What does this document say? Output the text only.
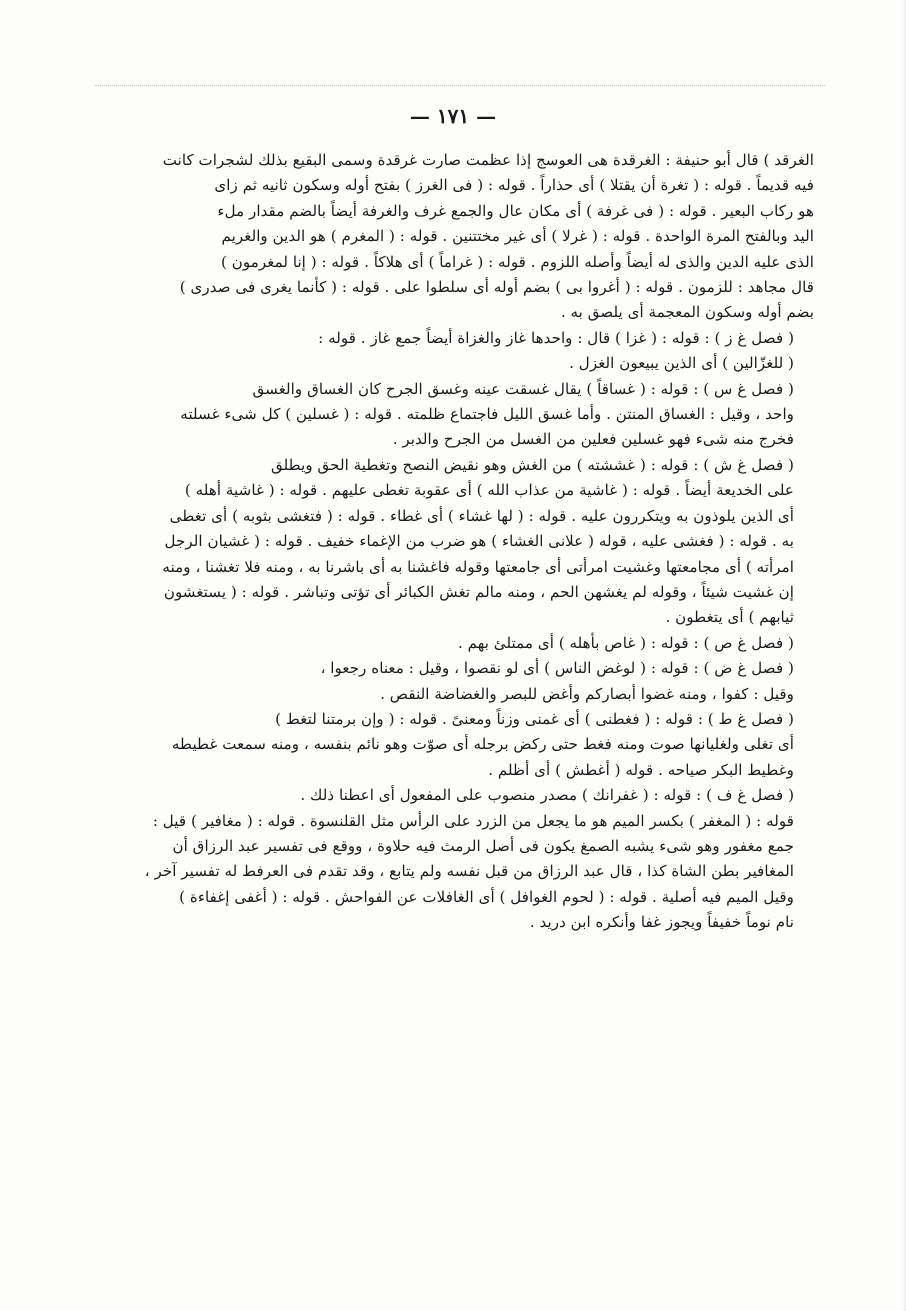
— ١٧١ —

الغرقد ) قال أبو حنيفة : الغرقدة هى العوسج إذا عظمت صارت غرقدة وسمى البقيع بذلك لشجرات كانت
فيه قديماً . قوله : ( تغرة أن يقتلا ) أى حذاراً . قوله : ( فى الغرز ) بفتح أوله وسكون ثانيه ثم زاى
هو ركاب البعير . قوله : ( فى غرفة ) أى مكان عال والجمع غرف والغرفة أيضاً بالضم مقدار ملء
اليد وبالفتح المرة الواحدة . قوله : ( غرلا ) أى غير مختتنين . قوله : ( المغرم ) هو الدين والغريم
الذى عليه الدين والذى له أيضاً وأصله اللزوم . قوله : ( غراماً ) أى هلاكاً . قوله : ( إنا لمغرمون )
قال مجاهد : للزمون . قوله : ( أغروا بى ) بضم أوله أى سلطوا على . قوله : ( كأنما يغرى فى صدرى )
بضم أوله وسكون المعجمة أى يلصق به .

( فصل غ ز ) : قوله : ( غزا ) قال : واحدها غاز والغزاة أيضاً جمع غاز . قوله :
( للغزّالين ) أى الذين يبيعون الغزل .

( فصل غ س ) : قوله : ( غساقاً ) يقال غسقت عينه وغسق الجرح كان الغساق والغسق
واحد ، وقيل : الغساق المنتن . وأما غسق الليل فاجتماع ظلمته . قوله : ( غسلين ) كل شىء غسلته
فخرج منه شىء فهو غسلين فعلين من الغسل من الجرح والدبر .

( فصل غ ش ) : قوله : ( غششته ) من الغش وهو نقيض النصح وتغطية الحق ويطلق
على الخديعة أيضاً . قوله : ( غاشية من عذاب الله ) أى عقوبة تغطى عليهم . قوله : ( غاشية أهله )
أى الذين يلوذون به ويتكررون عليه . قوله : ( لها غشاء ) أى غطاء . قوله : ( فتغشى بثوبه ) أى تغطى
به . قوله : ( فغشى عليه ، قوله ( علانى الغشاء ) هو ضرب من الإغماء خفيف . قوله : ( غشيان الرجل
امرأته ) أى مجامعتها وغشيت امرأتى أى جامعتها وقوله فاغشنا به أى باشرنا به ، ومنه فلا تغشنا ، ومنه
إن غشيت شيئاً ، وقوله لم يغشهن الحم ، ومنه مالم تغش الكبائر أى تؤتى وتباشر . قوله : ( يستغشون
ثيابهم ) أى يتغطون .

( فصل غ ص ) : قوله : ( غاص بأهله ) أى ممتلئ بهم .

( فصل غ ض ) : قوله : ( لوغض الناس ) أى لو نقصوا ، وقيل : معناه رجعوا ،
وقيل : كفوا ، ومنه غضوا أبصاركم وأغض للبصر والغضاضة النقص .

( فصل غ ط ) : قوله : ( فغطنى ) أى غمنى وزناً ومعنىً . قوله : ( وإن برمتنا لتغط )
أى تغلى ولغليانها صوت ومنه فغط حتى ركض برجله أى صوّت وهو نائم بنفسه ، ومنه سمعت غطيطه
وغطيط البكر صياحه . قوله ( أغطش ) أى أظلم .

( فصل غ ف ) : قوله : ( غفرانك ) مصدر منصوب على المفعول أى اعطنا ذلك .
قوله : ( المغفر ) بكسر الميم هو ما يجعل من الزرد على الرأس مثل القلنسوة . قوله : ( مغافير ) قيل :
جمع مغفور وهو شىء يشبه الصمغ يكون فى أصل الرمث فيه حلاوة ، ووقع فى تفسير عبد الرزاق أن
المغافير بطن الشاة كذا ، قال عبد الرزاق من قبل نفسه ولم يتابع ، وقد تقدم فى العرفط له تفسير آخر ،
وقيل الميم فيه أصلية . قوله : ( لحوم الغوافل ) أى الغافلات عن الفواحش . قوله : ( أغفى إغفاءة )
نام نوماً خفيفاً ويجوز غفا وأنكره ابن دريد .
